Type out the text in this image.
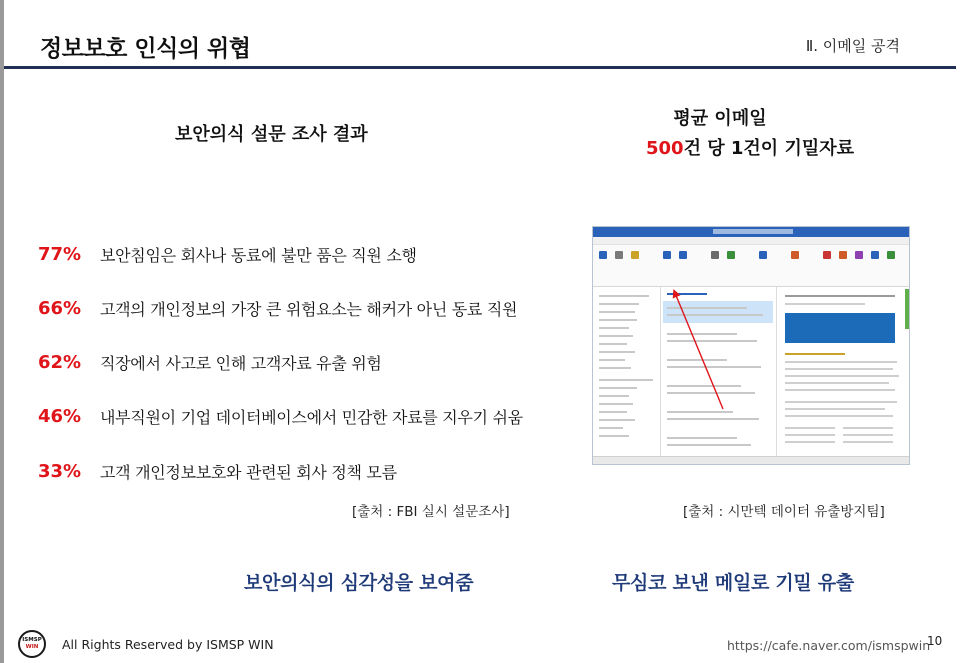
정보보호 인식의 위협	Ⅱ. 이메일 공격
보안의식 설문 조사 결과
평균 이메일
500건 당 1건이 기밀자료
77%	보안침임은 회사나 동료에 불만 품은 직원 소행
66%	고객의 개인정보의 가장 큰 위험요소는 해커가 아닌 동료 직원
62%	직장에서 사고로 인해 고객자료 유출 위험
46%	내부직원이 기업 데이터베이스에서 민감한 자료를 지우기 쉬움
33%	고객 개인정보보호와 관련된 회사 정책 모름
[출처 : FBI 실시 설문조사]	[출처 : 시만텍 데이터 유출방지팀]
보안의식의 심각성을 보여줌	무심코 보낸 메일로 기밀 유출
ISMSP
WIN All Rights Reserved by ISMSP WIN	https://cafe.naver.com/ismspwin
10
